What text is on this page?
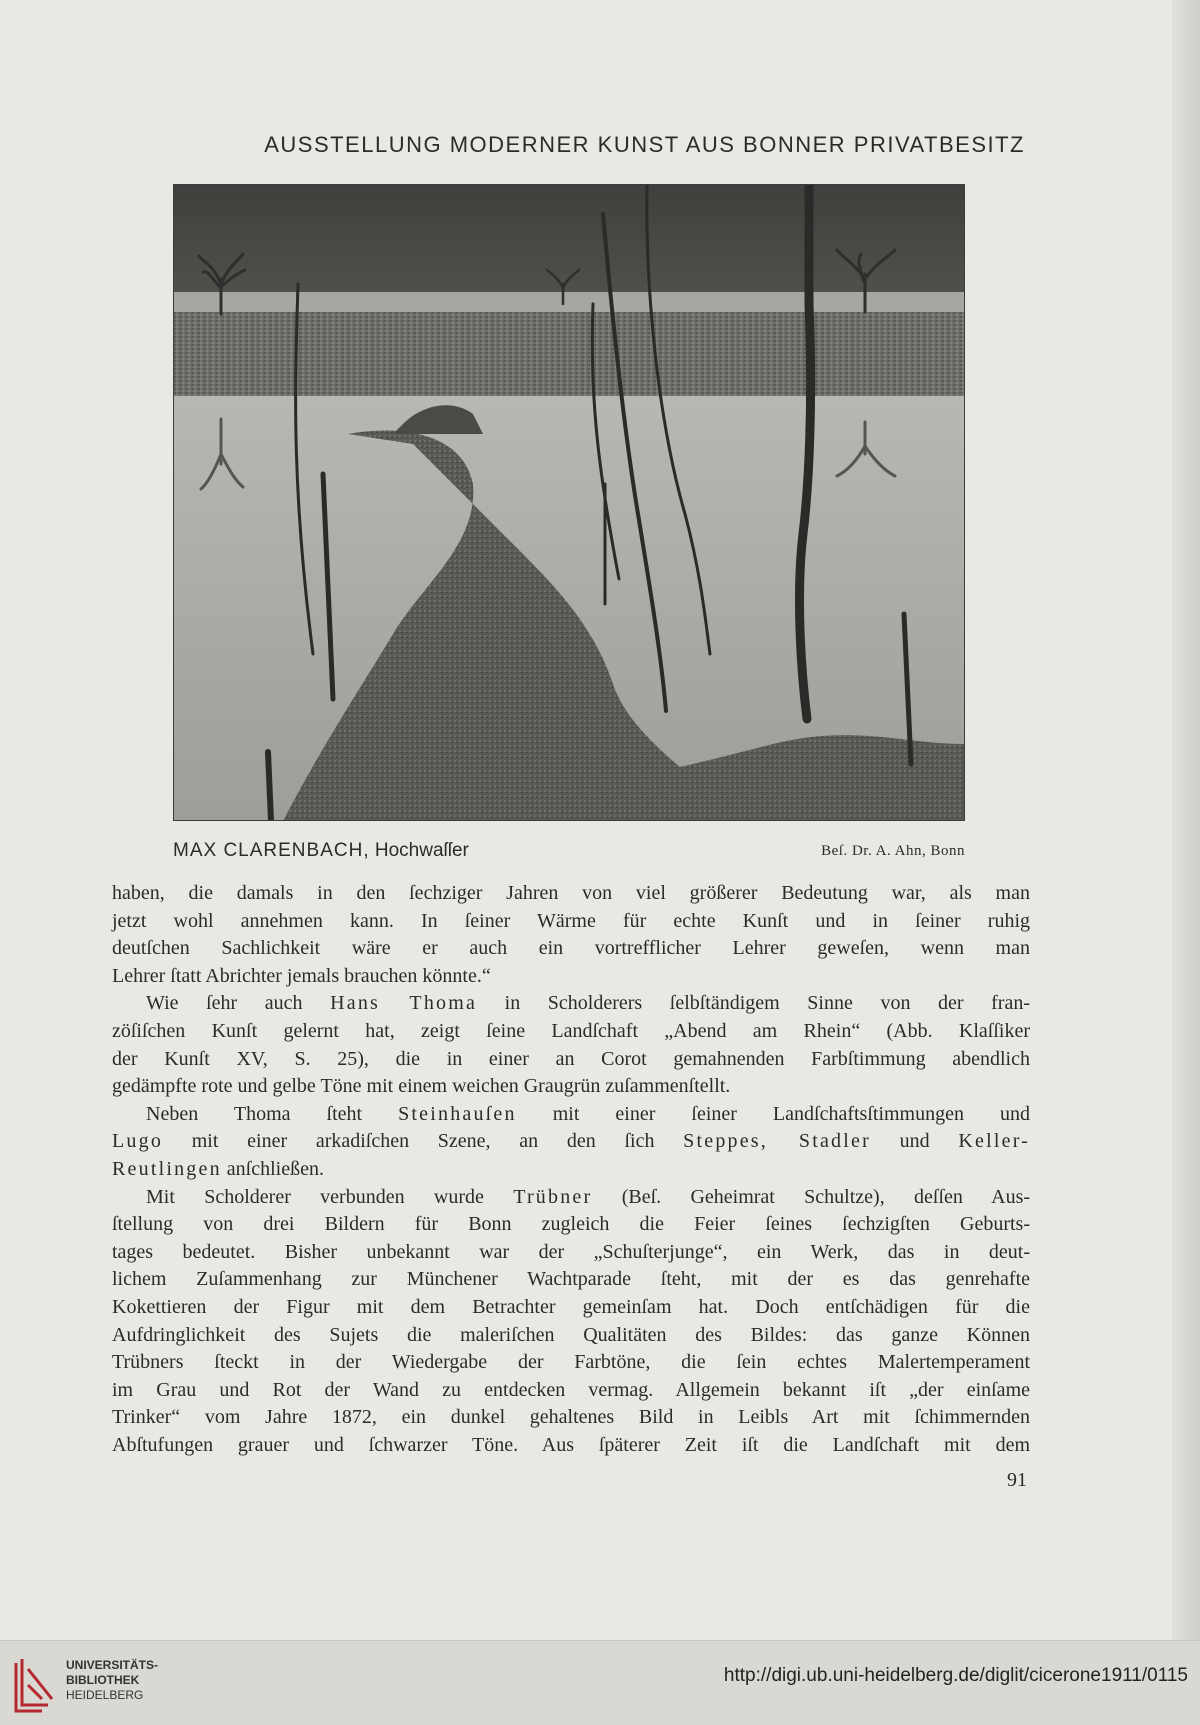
AUSSTELLUNG MODERNER KUNST AUS BONNER PRIVATBESITZ
MAX CLARENBACH, Hochwaſſer	Beſ. Dr. A. Ahn, Bonn
haben, die damals in den ſechziger Jahren von viel größerer Bedeutung war, als man
jetzt wohl annehmen kann. In ſeiner Wärme für echte Kunſt und in ſeiner ruhig
deutſchen Sachlichkeit wäre er auch ein vortrefflicher Lehrer geweſen, wenn man
Lehrer ſtatt Abrichter jemals brauchen könnte.“
Wie ſehr auch Hans Thoma in Scholderers ſelbſtändigem Sinne von der fran-
zöſiſchen Kunſt gelernt hat, zeigt ſeine Landſchaft „Abend am Rhein“ (Abb. Klaſſiker
der Kunſt XV, S. 25), die in einer an Corot gemahnenden Farbſtimmung abendlich
gedämpfte rote und gelbe Töne mit einem weichen Graugrün zuſammenſtellt.
Neben Thoma ſteht Steinhauſen mit einer ſeiner Landſchaftsſtimmungen und
Lugo mit einer arkadiſchen Szene, an den ſich Steppes, Stadler und Keller-
Reutlingen anſchließen.
Mit Scholderer verbunden wurde Trübner (Beſ. Geheimrat Schultze), deſſen Aus-
ſtellung von drei Bildern für Bonn zugleich die Feier ſeines ſechzigſten Geburts-
tages bedeutet. Bisher unbekannt war der „Schuſterjunge“, ein Werk, das in deut-
lichem Zuſammenhang zur Münchener Wachtparade ſteht, mit der es das genrehafte
Kokettieren der Figur mit dem Betrachter gemeinſam hat. Doch entſchädigen für die
Aufdringlichkeit des Sujets die maleriſchen Qualitäten des Bildes: das ganze Können
Trübners ſteckt in der Wiedergabe der Farbtöne, die ſein echtes Malertemperament
im Grau und Rot der Wand zu entdecken vermag. Allgemein bekannt iſt „der einſame
Trinker“ vom Jahre 1872, ein dunkel gehaltenes Bild in Leibls Art mit ſchimmernden
Abſtufungen grauer und ſchwarzer Töne. Aus ſpäterer Zeit iſt die Landſchaft mit dem
91
UNIVERSITÄTS-
BIBLIOTHEK
HEIDELBERG
http://digi.ub.uni-heidelberg.de/diglit/cicerone1911/0115
